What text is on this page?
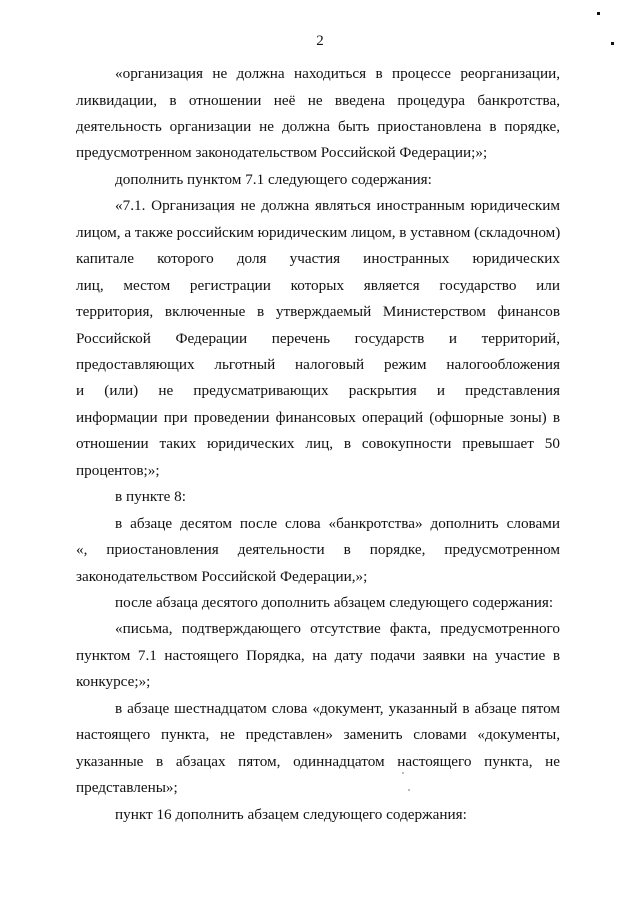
2
«организация не должна находиться в процессе реорганизации,
ликвидации, в отношении неё не введена процедура банкротства,
деятельность организации не должна быть приостановлена в порядке,
предусмотренном законодательством Российской Федерации;»;
дополнить пунктом 7.1 следующего содержания:
«7.1. Организация не должна являться иностранным юридическим
лицом, а также российским юридическим лицом, в уставном (складочном)
капитале которого доля участия иностранных юридических
лиц, местом регистрации которых является государство или
территория, включенные в утверждаемый Министерством финансов
Российской Федерации перечень государств и территорий,
предоставляющих льготный налоговый режим налогообложения
и (или) не предусматривающих раскрытия и представления
информации при проведении финансовых операций (офшорные зоны) в
отношении таких юридических лиц, в совокупности превышает 50
процентов;»;
в пункте 8:
в абзаце десятом после слова «банкротства» дополнить словами
«, приостановления деятельности в порядке, предусмотренном
законодательством Российской Федерации,»;
после абзаца десятого дополнить абзацем следующего содержания:
«письма, подтверждающего отсутствие факта, предусмотренного
пунктом 7.1 настоящего Порядка, на дату подачи заявки на участие в
конкурсе;»;
в абзаце шестнадцатом слова «документ, указанный в абзаце пятом
настоящего пункта, не представлен» заменить словами «документы,
указанные в абзацах пятом, одиннадцатом настоящего пункта, не
представлены»;
пункт 16 дополнить абзацем следующего содержания:
